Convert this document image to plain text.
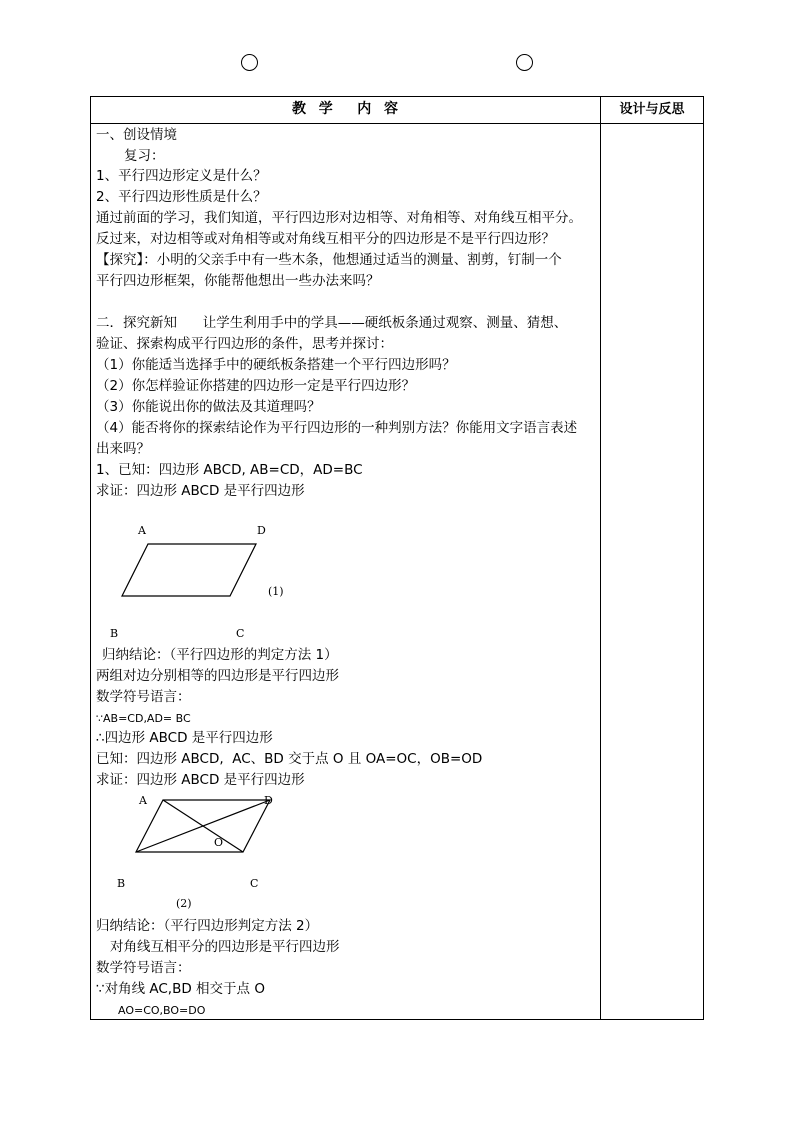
教  学    内  容	设计与反思
一、创设情境
复习：
1、平行四边形定义是什么？
2、平行四边形性质是什么？
通过前面的学习，我们知道，平行四边形对边相等、对角相等、对角线互相平分。
反过来，对边相等或对角相等或对角线互相平分的四边形是不是平行四边形？
【探究】：小明的父亲手中有一些木条，他想通过适当的测量、割剪，钉制一个
平行四边形框架，你能帮他想出一些办法来吗？
二．探究新知      让学生利用手中的学具——硬纸板条通过观察、测量、猜想、
验证、探索构成平行四边形的条件，思考并探讨：
（1）你能适当选择手中的硬纸板条搭建一个平行四边形吗？
（2）你怎样验证你搭建的四边形一定是平行四边形？
（3）你能说出你的做法及其道理吗？
（4）能否将你的探索结论作为平行四边形的一种判别方法？你能用文字语言表述
出来吗？
1、已知：四边形 ABCD, AB=CD，AD=BC
求证：四边形 ABCD 是平行四边形
A	D
(1)
B	C
归纳结论：（平行四边形的判定方法 1）
两组对边分别相等的四边形是平行四边形
数学符号语言：
∵AB=CD,AD= BC
∴四边形 ABCD 是平行四边形
已知：四边形 ABCD,  AC、BD 交于点 O 且 OA=OC，OB=OD
求证：四边形 ABCD 是平行四边形
A	D
O
B	C
(2)
归纳结论：（平行四边形判定方法 2）
对角线互相平分的四边形是平行四边形
数学符号语言：
∵对角线 AC,BD 相交于点 O
AO=CO,BO=DO
